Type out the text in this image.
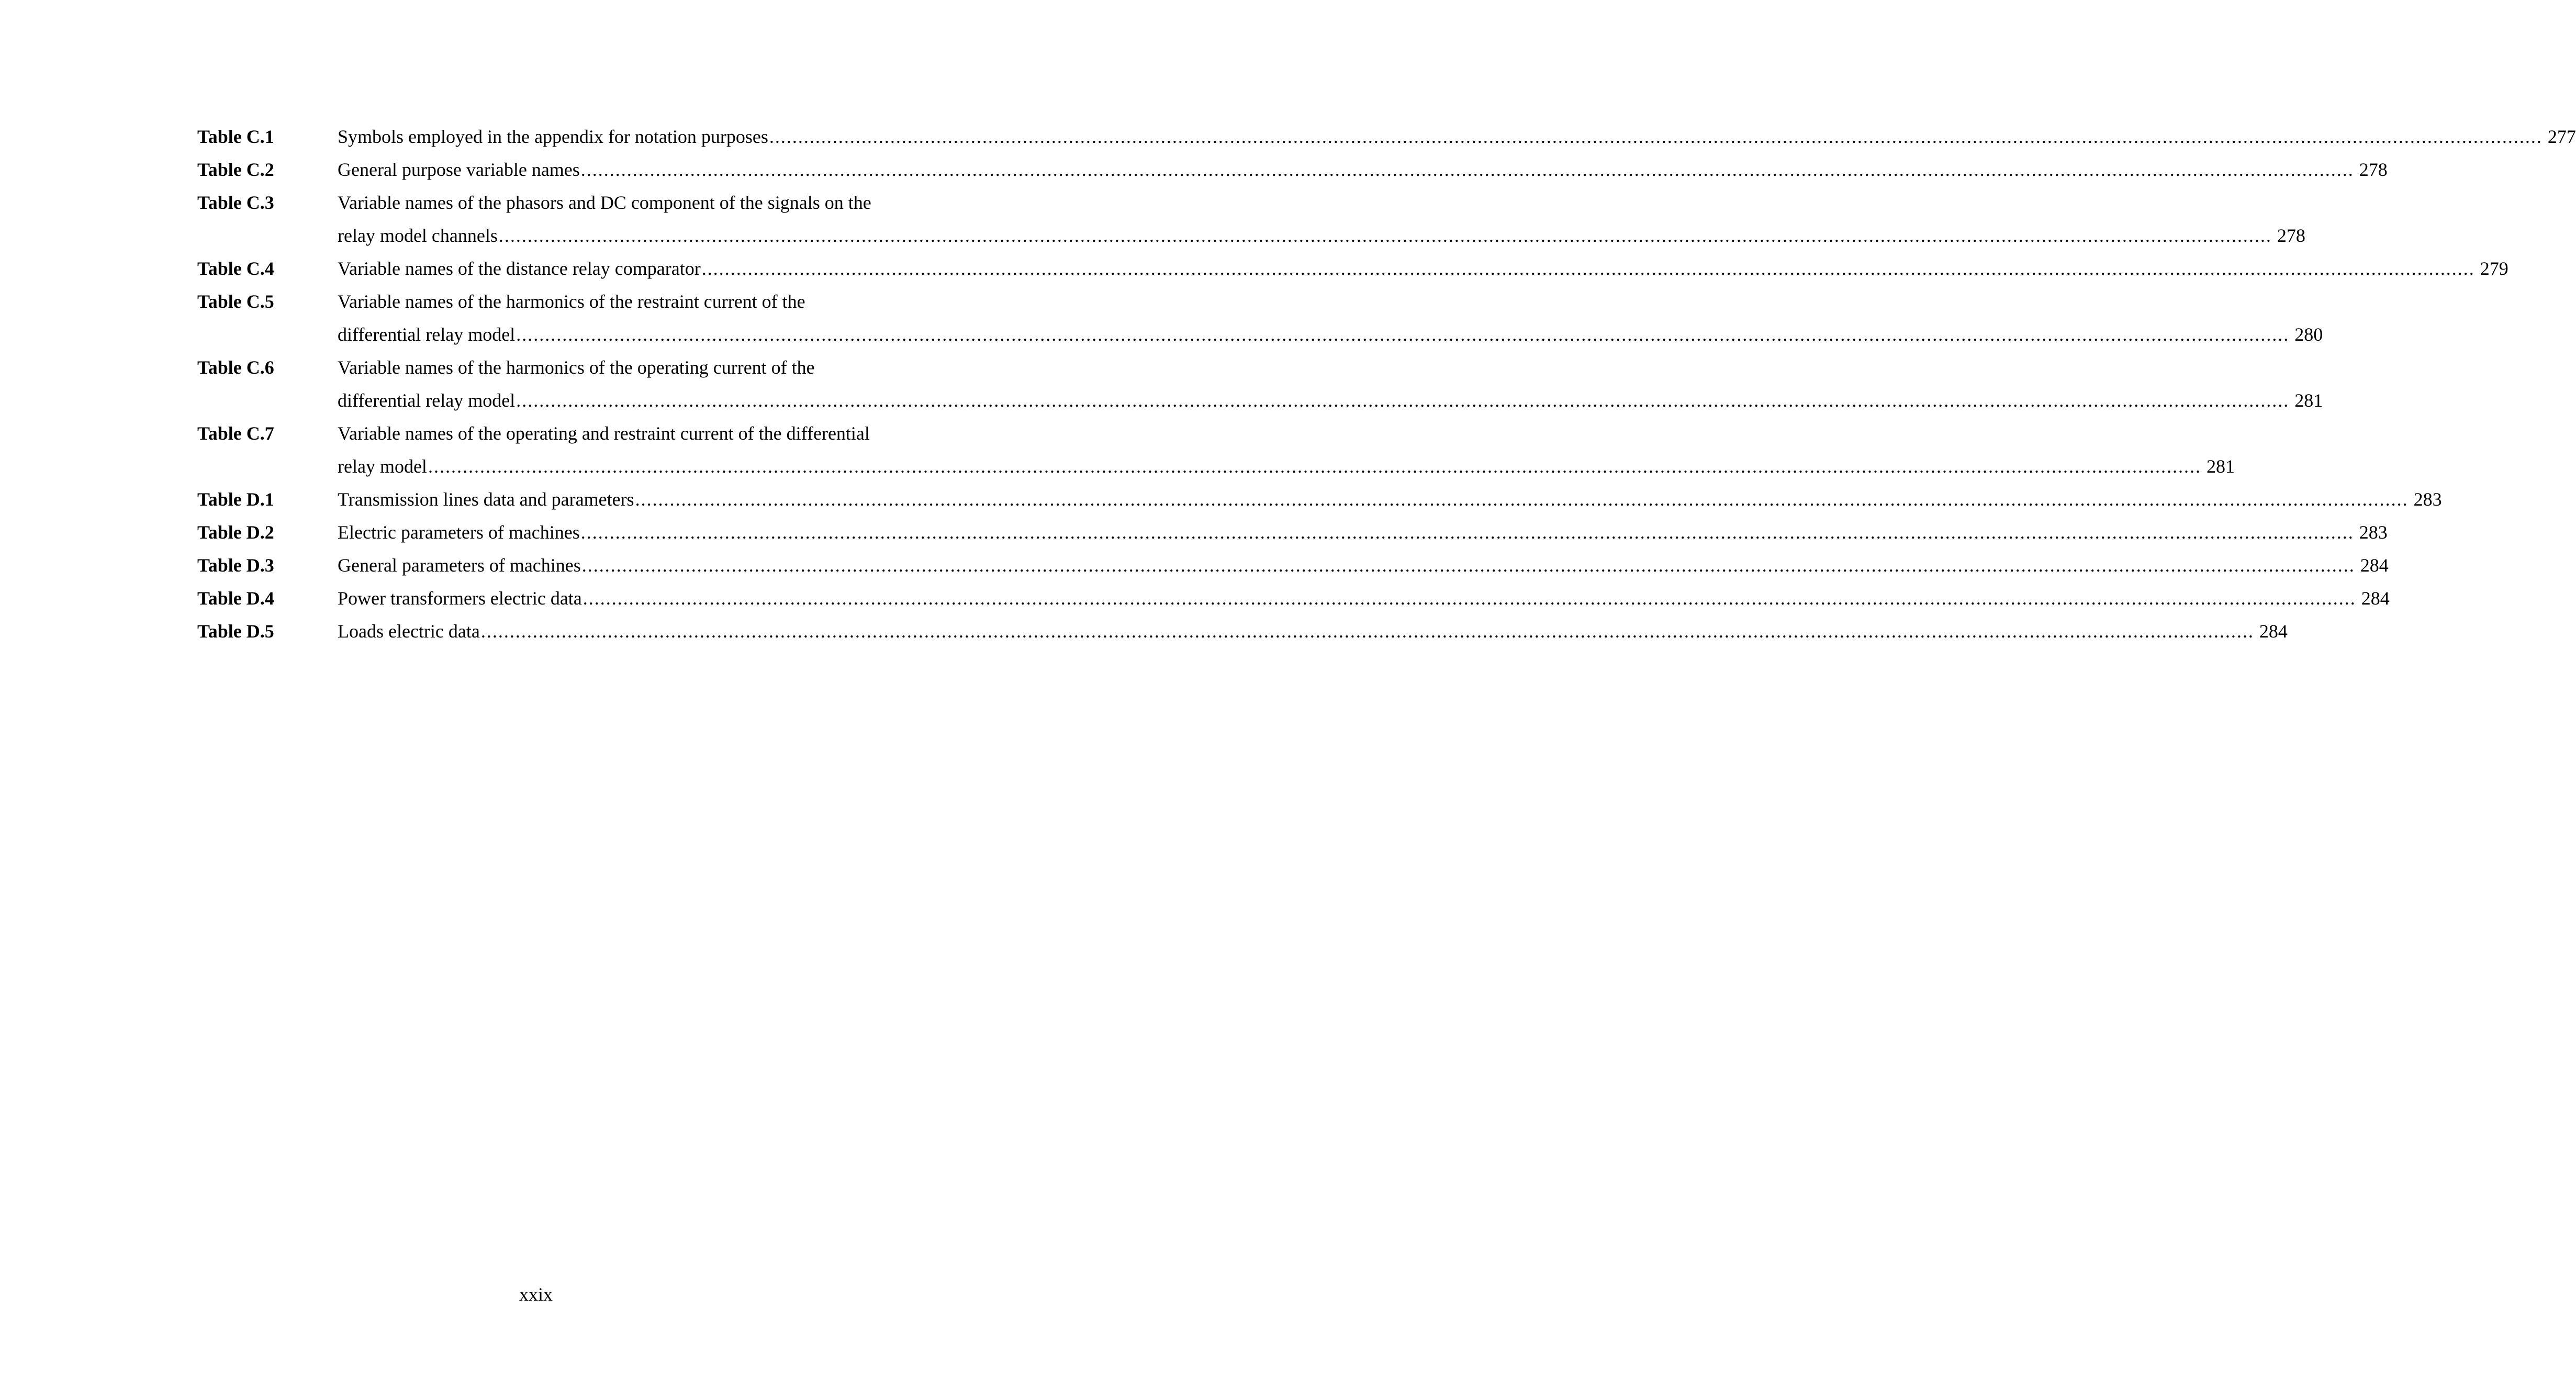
Table C.1	Symbols employed in the appendix for notation purposes .....	277
Table C.2	General purpose variable names .....	278
Table C.3	Variable names of the phasors and DC component of the signals on the
relay model channels .....	278
Table C.4	Variable names of the distance relay comparator .....	279
Table C.5	Variable names of the harmonics of the restraint current of the
differential relay model .....	280
Table C.6	Variable names of the harmonics of the operating current of the
differential relay model .....	281
Table C.7	Variable names of the operating and restraint current of the differential
relay model .....	281
Table D.1	Transmission lines data and parameters .....	283
Table D.2	Electric parameters of machines .....	283
Table D.3	General parameters of machines .....	284
Table D.4	Power transformers electric data .....	284
Table D.5	Loads electric data .....	284
xxix
